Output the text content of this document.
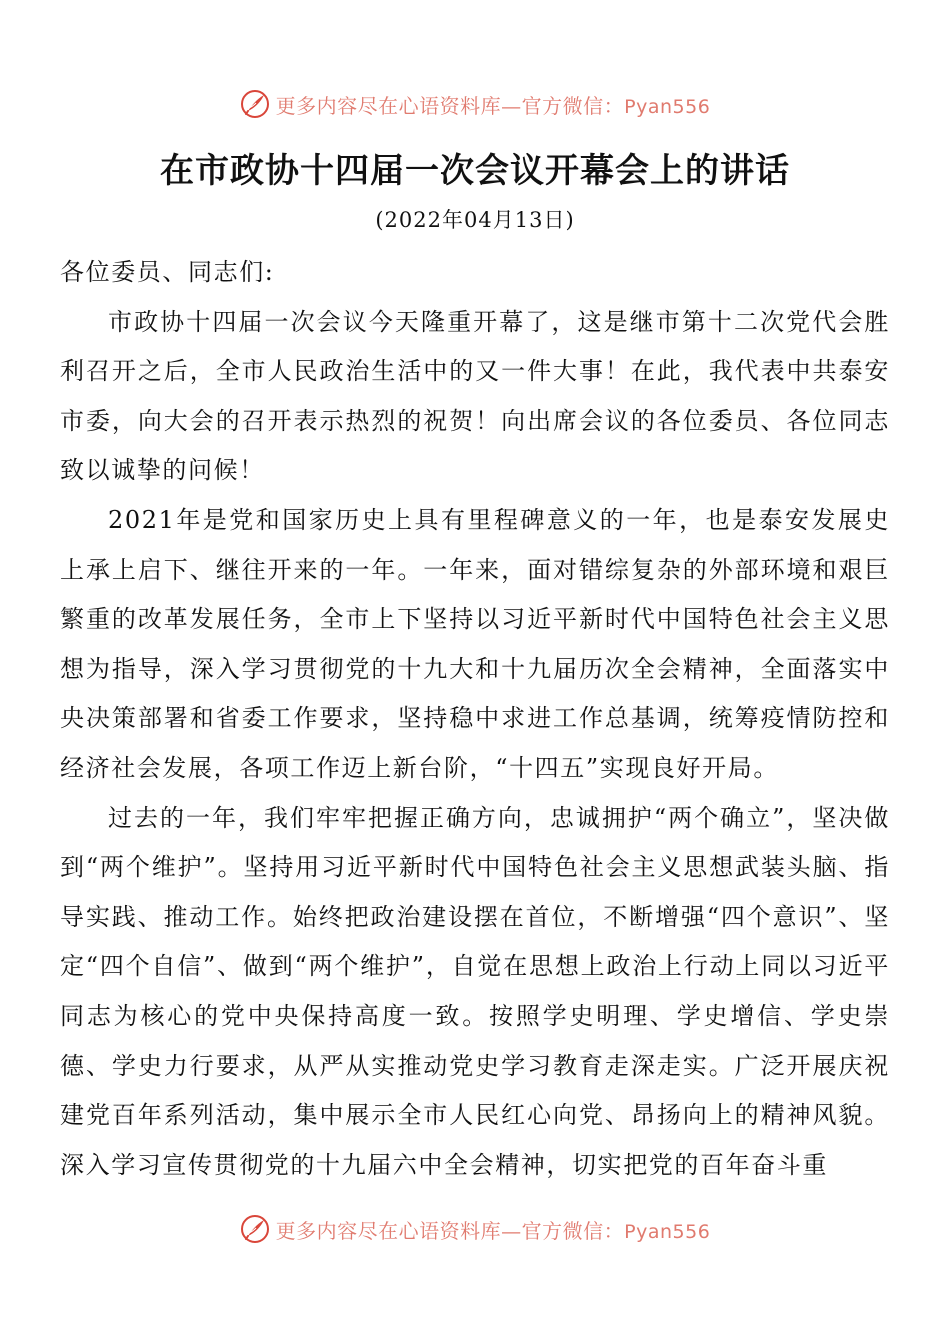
更多内容尽在心语资料库—官方微信：Pyan556
在市政协十四届一次会议开幕会上的讲话
(2022年04月13日)

各位委员、同志们:

市政协十四届一次会议今天隆重开幕了，这是继市第十二次党代会胜利召开之后，全市人民政治生活中的又一件大事！在此，我代表中共泰安市委，向大会的召开表示热烈的祝贺！向出席会议的各位委员、各位同志致以诚挚的问候！

2021年是党和国家历史上具有里程碑意义的一年，也是泰安发展史上承上启下、继往开来的一年。一年来，面对错综复杂的外部环境和艰巨繁重的改革发展任务，全市上下坚持以习近平新时代中国特色社会主义思想为指导，深入学习贯彻党的十九大和十九届历次全会精神，全面落实中央决策部署和省委工作要求，坚持稳中求进工作总基调，统筹疫情防控和经济社会发展，各项工作迈上新台阶，“十四五”实现良好开局。

过去的一年，我们牢牢把握正确方向，忠诚拥护“两个确立”，坚决做到“两个维护”。坚持用习近平新时代中国特色社会主义思想武装头脑、指导实践、推动工作。始终把政治建设摆在首位，不断增强“四个意识”、坚定“四个自信”、做到“两个维护”，自觉在思想上政治上行动上同以习近平同志为核心的党中央保持高度一致。按照学史明理、学史增信、学史崇德、学史力行要求，从严从实推动党史学习教育走深走实。广泛开展庆祝建党百年系列活动，集中展示全市人民红心向党、昂扬向上的精神风貌。深入学习宣传贯彻党的十九届六中全会精神，切实把党的百年奋斗重

更多内容尽在心语资料库—官方微信：Pyan556
